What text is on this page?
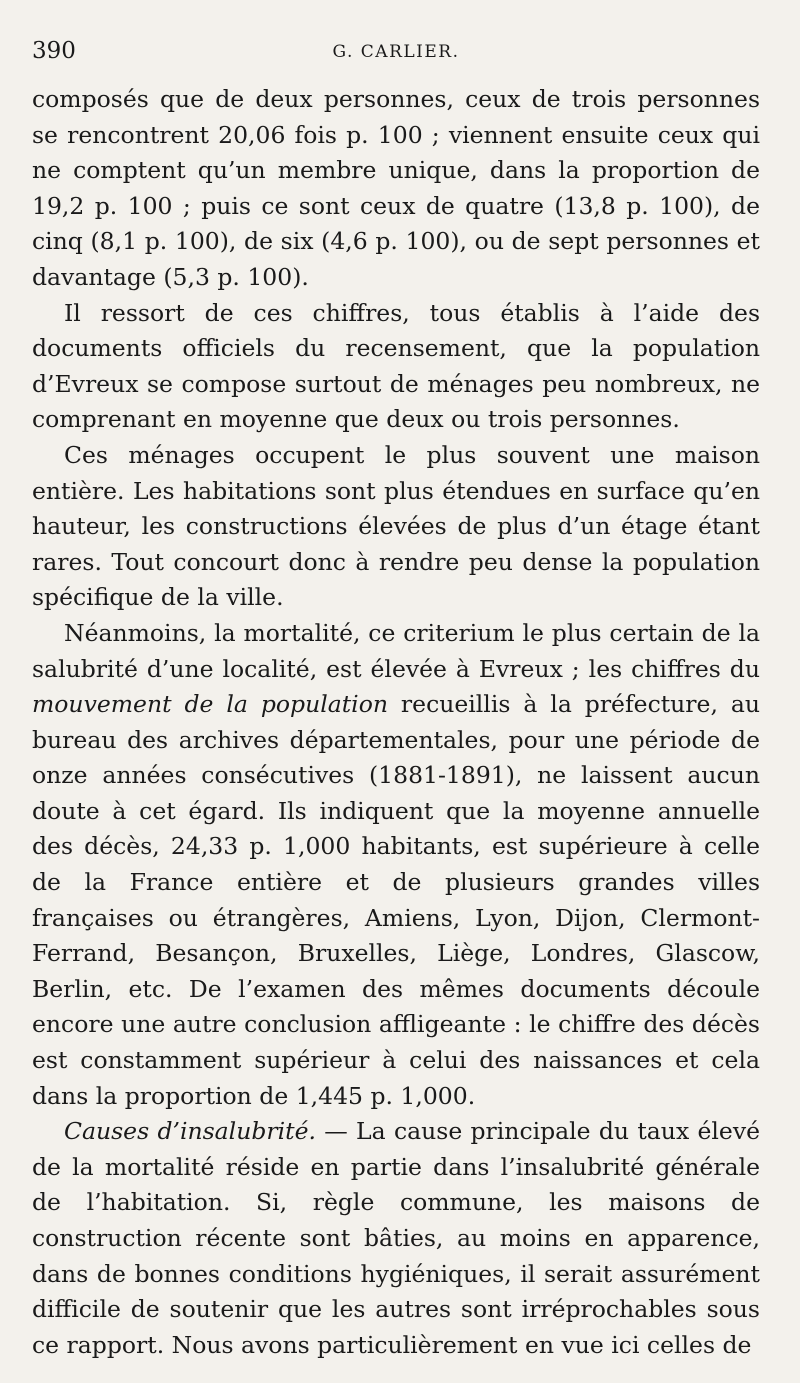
390	G. CARLIER.

composés que de deux personnes, ceux de trois personnes se rencontrent 20,06 fois p. 100 ; viennent ensuite ceux qui ne comptent qu’un membre unique, dans la proportion de 19,2 p. 100 ; puis ce sont ceux de quatre (13,8 p. 100), de cinq (8,1 p. 100), de six (4,6 p. 100), ou de sept personnes et davantage (5,3 p. 100).

Il ressort de ces chiffres, tous établis à l’aide des documents officiels du recensement, que la population d’Evreux se compose surtout de ménages peu nombreux, ne comprenant en moyenne que deux ou trois personnes.

Ces ménages occupent le plus souvent une maison entière. Les habitations sont plus étendues en surface qu’en hauteur, les constructions élevées de plus d’un étage étant rares. Tout concourt donc à rendre peu dense la population spécifique de la ville.

Néanmoins, la mortalité, ce criterium le plus certain de la salubrité d’une localité, est élevée à Evreux ; les chiffres du mouvement de la population recueillis à la préfecture, au bureau des archives départementales, pour une période de onze années consécutives (1881-1891), ne laissent aucun doute à cet égard. Ils indiquent que la moyenne annuelle des décès, 24,33 p. 1,000 habitants, est supérieure à celle de la France entière et de plusieurs grandes villes françaises ou étrangères, Amiens, Lyon, Dijon, Clermont-Ferrand, Besançon, Bruxelles, Liège, Londres, Glascow, Berlin, etc. De l’examen des mêmes documents découle encore une autre conclusion affligeante : le chiffre des décès est constamment supérieur à celui des naissances et cela dans la proportion de 1,445 p. 1,000.

Causes d’insalubrité. — La cause principale du taux élevé de la mortalité réside en partie dans l’insalubrité générale de l’habitation. Si, règle commune, les maisons de construction récente sont bâties, au moins en apparence, dans de bonnes conditions hygiéniques, il serait assurément difficile de soutenir que les autres sont irréprochables sous ce rapport. Nous avons particulièrement en vue ici celles de
